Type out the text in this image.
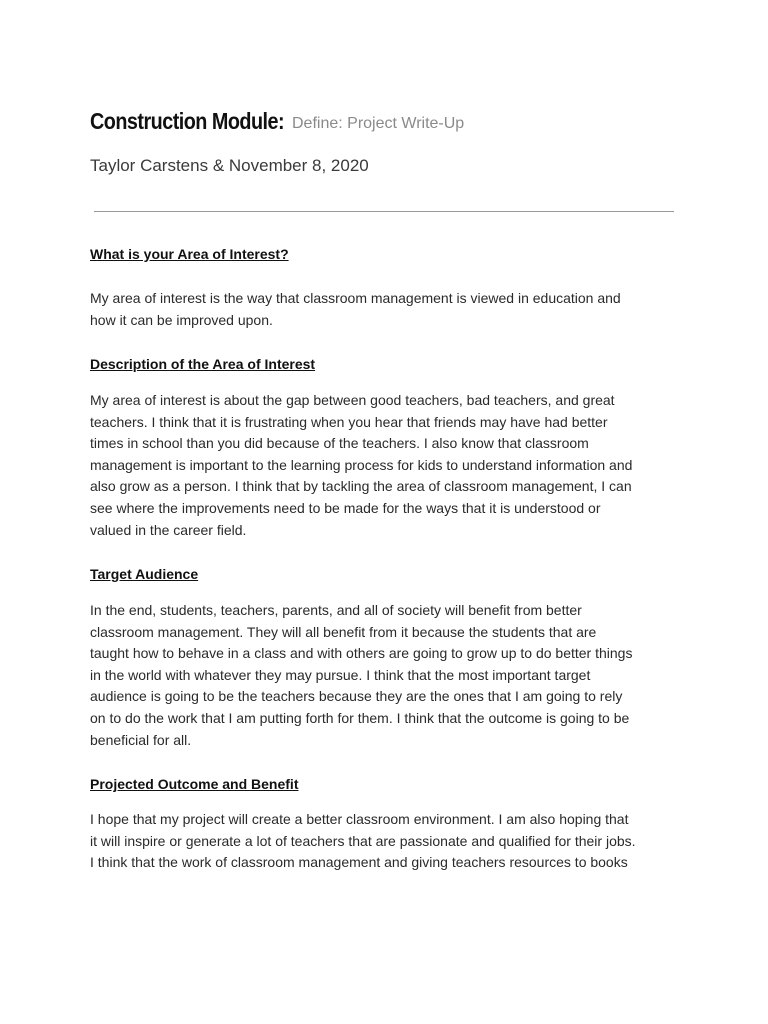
Construction Module: Define: Project Write-Up
Taylor Carstens & November 8, 2020
What is your Area of Interest?
My area of interest is the way that classroom management is viewed in education and
how it can be improved upon.
Description of the Area of Interest
My area of interest is about the gap between good teachers, bad teachers, and great
teachers. I think that it is frustrating when you hear that friends may have had better
times in school than you did because of the teachers. I also know that classroom
management is important to the learning process for kids to understand information and
also grow as a person. I think that by tackling the area of classroom management, I can
see where the improvements need to be made for the ways that it is understood or
valued in the career field.
Target Audience
In the end, students, teachers, parents, and all of society will benefit from better
classroom management. They will all benefit from it because the students that are
taught how to behave in a class and with others are going to grow up to do better things
in the world with whatever they may pursue. I think that the most important target
audience is going to be the teachers because they are the ones that I am going to rely
on to do the work that I am putting forth for them. I think that the outcome is going to be
beneficial for all.
Projected Outcome and Benefit
I hope that my project will create a better classroom environment. I am also hoping that
it will inspire or generate a lot of teachers that are passionate and qualified for their jobs.
I think that the work of classroom management and giving teachers resources to books
